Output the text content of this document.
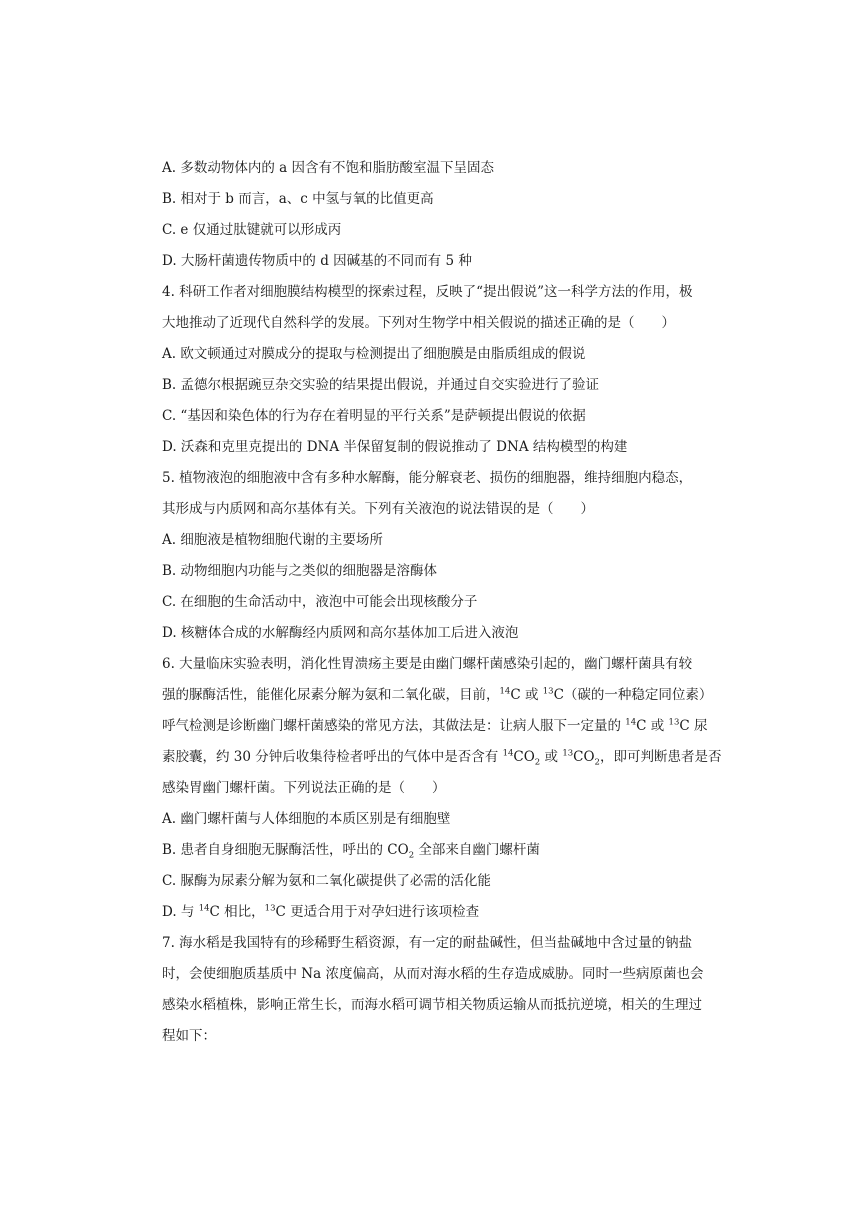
A. 多数动物体内的 a 因含有不饱和脂肪酸室温下呈固态
B. 相对于 b 而言，a、c 中氢与氧的比值更高
C. e 仅通过肽键就可以形成丙
D. 大肠杆菌遗传物质中的 d 因碱基的不同而有 5 种
4. 科研工作者对细胞膜结构模型的探索过程，反映了“提出假说”这一科学方法的作用，极
大地推动了近现代自然科学的发展。下列对生物学中相关假说的描述正确的是（　　）
A. 欧文顿通过对膜成分的提取与检测提出了细胞膜是由脂质组成的假说
B. 孟德尔根据豌豆杂交实验的结果提出假说，并通过自交实验进行了验证
C. “基因和染色体的行为存在着明显的平行关系”是萨顿提出假说的依据
D. 沃森和克里克提出的 DNA 半保留复制的假说推动了 DNA 结构模型的构建
5. 植物液泡的细胞液中含有多种水解酶，能分解衰老、损伤的细胞器，维持细胞内稳态，
其形成与内质网和高尔基体有关。下列有关液泡的说法错误的是（　　）
A. 细胞液是植物细胞代谢的主要场所
B. 动物细胞内功能与之类似的细胞器是溶酶体
C. 在细胞的生命活动中，液泡中可能会出现核酸分子
D. 核糖体合成的水解酶经内质网和高尔基体加工后进入液泡
6. 大量临床实验表明，消化性胃溃疡主要是由幽门螺杆菌感染引起的，幽门螺杆菌具有较
强的脲酶活性，能催化尿素分解为氨和二氧化碳，目前，$^{14}$C 或 $^{13}$C（碳的一种稳定同位素）
呼气检测是诊断幽门螺杆菌感染的常见方法，其做法是：让病人服下一定量的 $^{14}$C 或 $^{13}$C 尿
素胶囊，约 30 分钟后收集待检者呼出的气体中是否含有 $^{14}CO_2$ 或 $^{13}CO_2$，即可判断患者是否
感染胃幽门螺杆菌。下列说法正确的是（　　）
A. 幽门螺杆菌与人体细胞的本质区别是有细胞壁
B. 患者自身细胞无脲酶活性，呼出的 $CO_2$ 全部来自幽门螺杆菌
C. 脲酶为尿素分解为氨和二氧化碳提供了必需的活化能
D. 与 $^{14}$C 相比，$^{13}$C 更适合用于对孕妇进行该项检查
7. 海水稻是我国特有的珍稀野生稻资源，有一定的耐盐碱性，但当盐碱地中含过量的钠盐
时，会使细胞质基质中 Na 浓度偏高，从而对海水稻的生存造成威胁。同时一些病原菌也会
感染水稻植株，影响正常生长，而海水稻可调节相关物质运输从而抵抗逆境，相关的生理过
程如下：
